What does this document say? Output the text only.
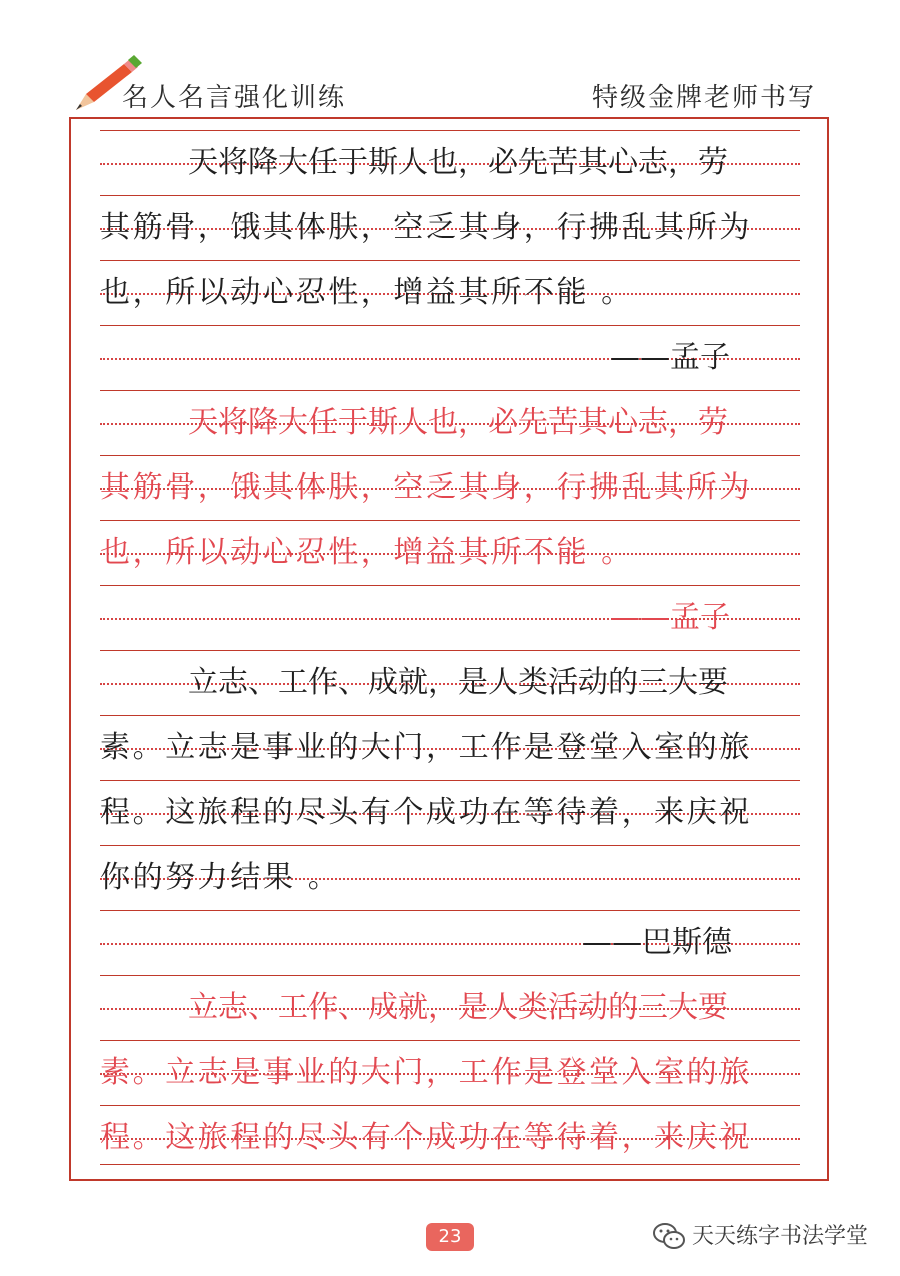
名人名言强化训练	特级金牌老师书写
天将降大任于斯人也，必先苦其心志，劳
其筋骨，饿其体肤，空乏其身，行拂乱其所为
也，所以动心忍性，增益其所不能 。
——孟子
天将降大任于斯人也，必先苦其心志，劳
其筋骨，饿其体肤，空乏其身，行拂乱其所为
也，所以动心忍性，增益其所不能 。
——孟子
立志、工作、成就，是人类活动的三大要
素。立志是事业的大门，工作是登堂入室的旅
程。这旅程的尽头有个成功在等待着，来庆祝
你的努力结果 。
——巴斯德
立志、工作、成就，是人类活动的三大要
素。立志是事业的大门，工作是登堂入室的旅
程。这旅程的尽头有个成功在等待着，来庆祝
23	天天练字书法学堂
